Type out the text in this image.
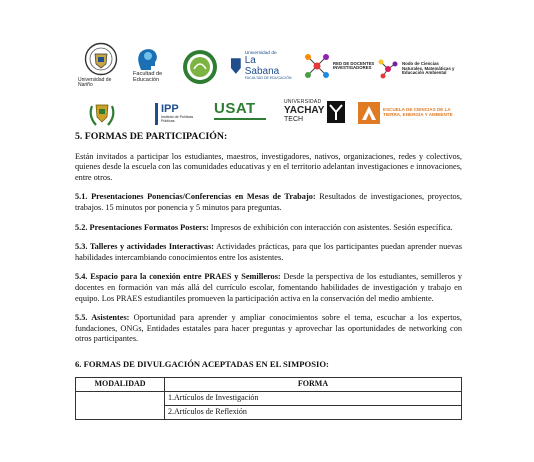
Universidad de Nariño
Facultad de Educación
Universidad de
La Sabana
FACULTAD DE EDUCACIÓN
RED DE DOCENTES INVESTIGADORES
Nodo de Ciencias Naturales, Matemáticas y Educación Ambiental
IPP
Instituto de Políticas Públicas
USAT	UNIVERSIDAD
YACHAY
TECH
ESCUELA DE CIENCIAS DE LA TIERRA, ENERGÍA Y AMBIENTE
5. FORMAS DE PARTICIPACIÓN:

Están invitados a participar los estudiantes, maestros, investigadores, nativos, organizaciones, redes y colectivos, quienes desde la escuela con las comunidades educativas y en el territorio adelantan investigaciones e innovaciones, entre otros.

5.1. Presentaciones Ponencias/Conferencias en Mesas de Trabajo: Resultados de investigaciones, proyectos, trabajos. 15 minutos por ponencia y 5 minutos para preguntas.

5.2. Presentaciones Formatos Posters: Impresos de exhibición con interacción con asistentes. Sesión específica.

5.3. Talleres y actividades Interactivas: Actividades prácticas, para que los participantes puedan aprender nuevas habilidades intercambiando conocimientos entre los asistentes.

5.4. Espacio para la conexión entre PRAES y Semilleros: Desde la perspectiva de los estudiantes, semilleros y docentes en formación van más allá del currículo escolar, fomentando habilidades de investigación y trabajo en equipo. Los PRAES estudiantiles promueven la participación activa en la conservación del medio ambiente.

5.5. Asistentes: Oportunidad para aprender y ampliar conocimientos sobre el tema, escuchar a los expertos, fundaciones, ONGs, Entidades estatales para hacer preguntas y aprovechar las oportunidades de networking con otros participantes.

6. FORMAS DE DIVULGACIÓN ACEPTADAS EN EL SIMPOSIO:
MODALIDAD	FORMA
	1.Artículos de Investigación
	2.Artículos de Reflexión
